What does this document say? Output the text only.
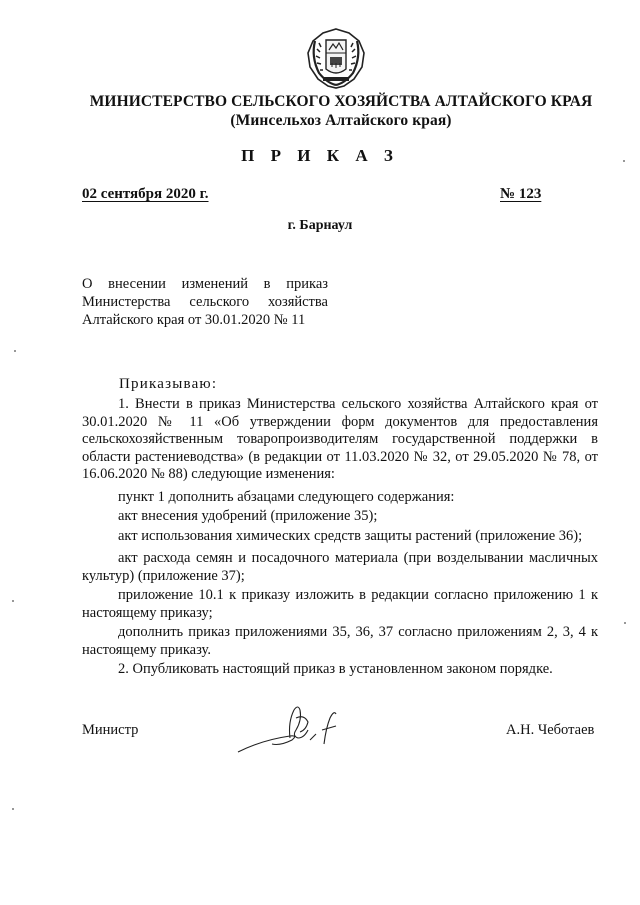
МИНИСТЕРСТВО СЕЛЬСКОГО ХОЗЯЙСТВА АЛТАЙСКОГО КРАЯ
(Минсельхоз Алтайского края)
П Р И К А З
02 сентября 2020 г.	№ 123
г. Барнаул
О внесении изменений в приказ
Министерства сельского хозяйства
Алтайского края от 30.01.2020 № 11
Приказываю:

1. Внести в приказ Министерства сельского хозяйства Алтайского края от 30.01.2020 № 11 «Об утверждении форм документов для предоставления сельскохозяйственным товаропроизводителям государственной поддержки в области растениеводства» (в редакции от 11.03.2020 № 32, от 29.05.2020 № 78, от 16.06.2020 № 88) следующие изменения:

пункт 1 дополнить абзацами следующего содержания:

акт внесения удобрений (приложение 35);

акт использования химических средств защиты растений (приложение 36);

акт расхода семян и посадочного материала (при возделывании масличных культур) (приложение 37);

приложение 10.1 к приказу изложить в редакции согласно приложению 1 к настоящему приказу;

дополнить приказ приложениями 35, 36, 37 согласно приложениям 2, 3, 4 к настоящему приказу.

2. Опубликовать настоящий приказ в установленном законом порядке.

Министр	А.Н. Чеботаев
